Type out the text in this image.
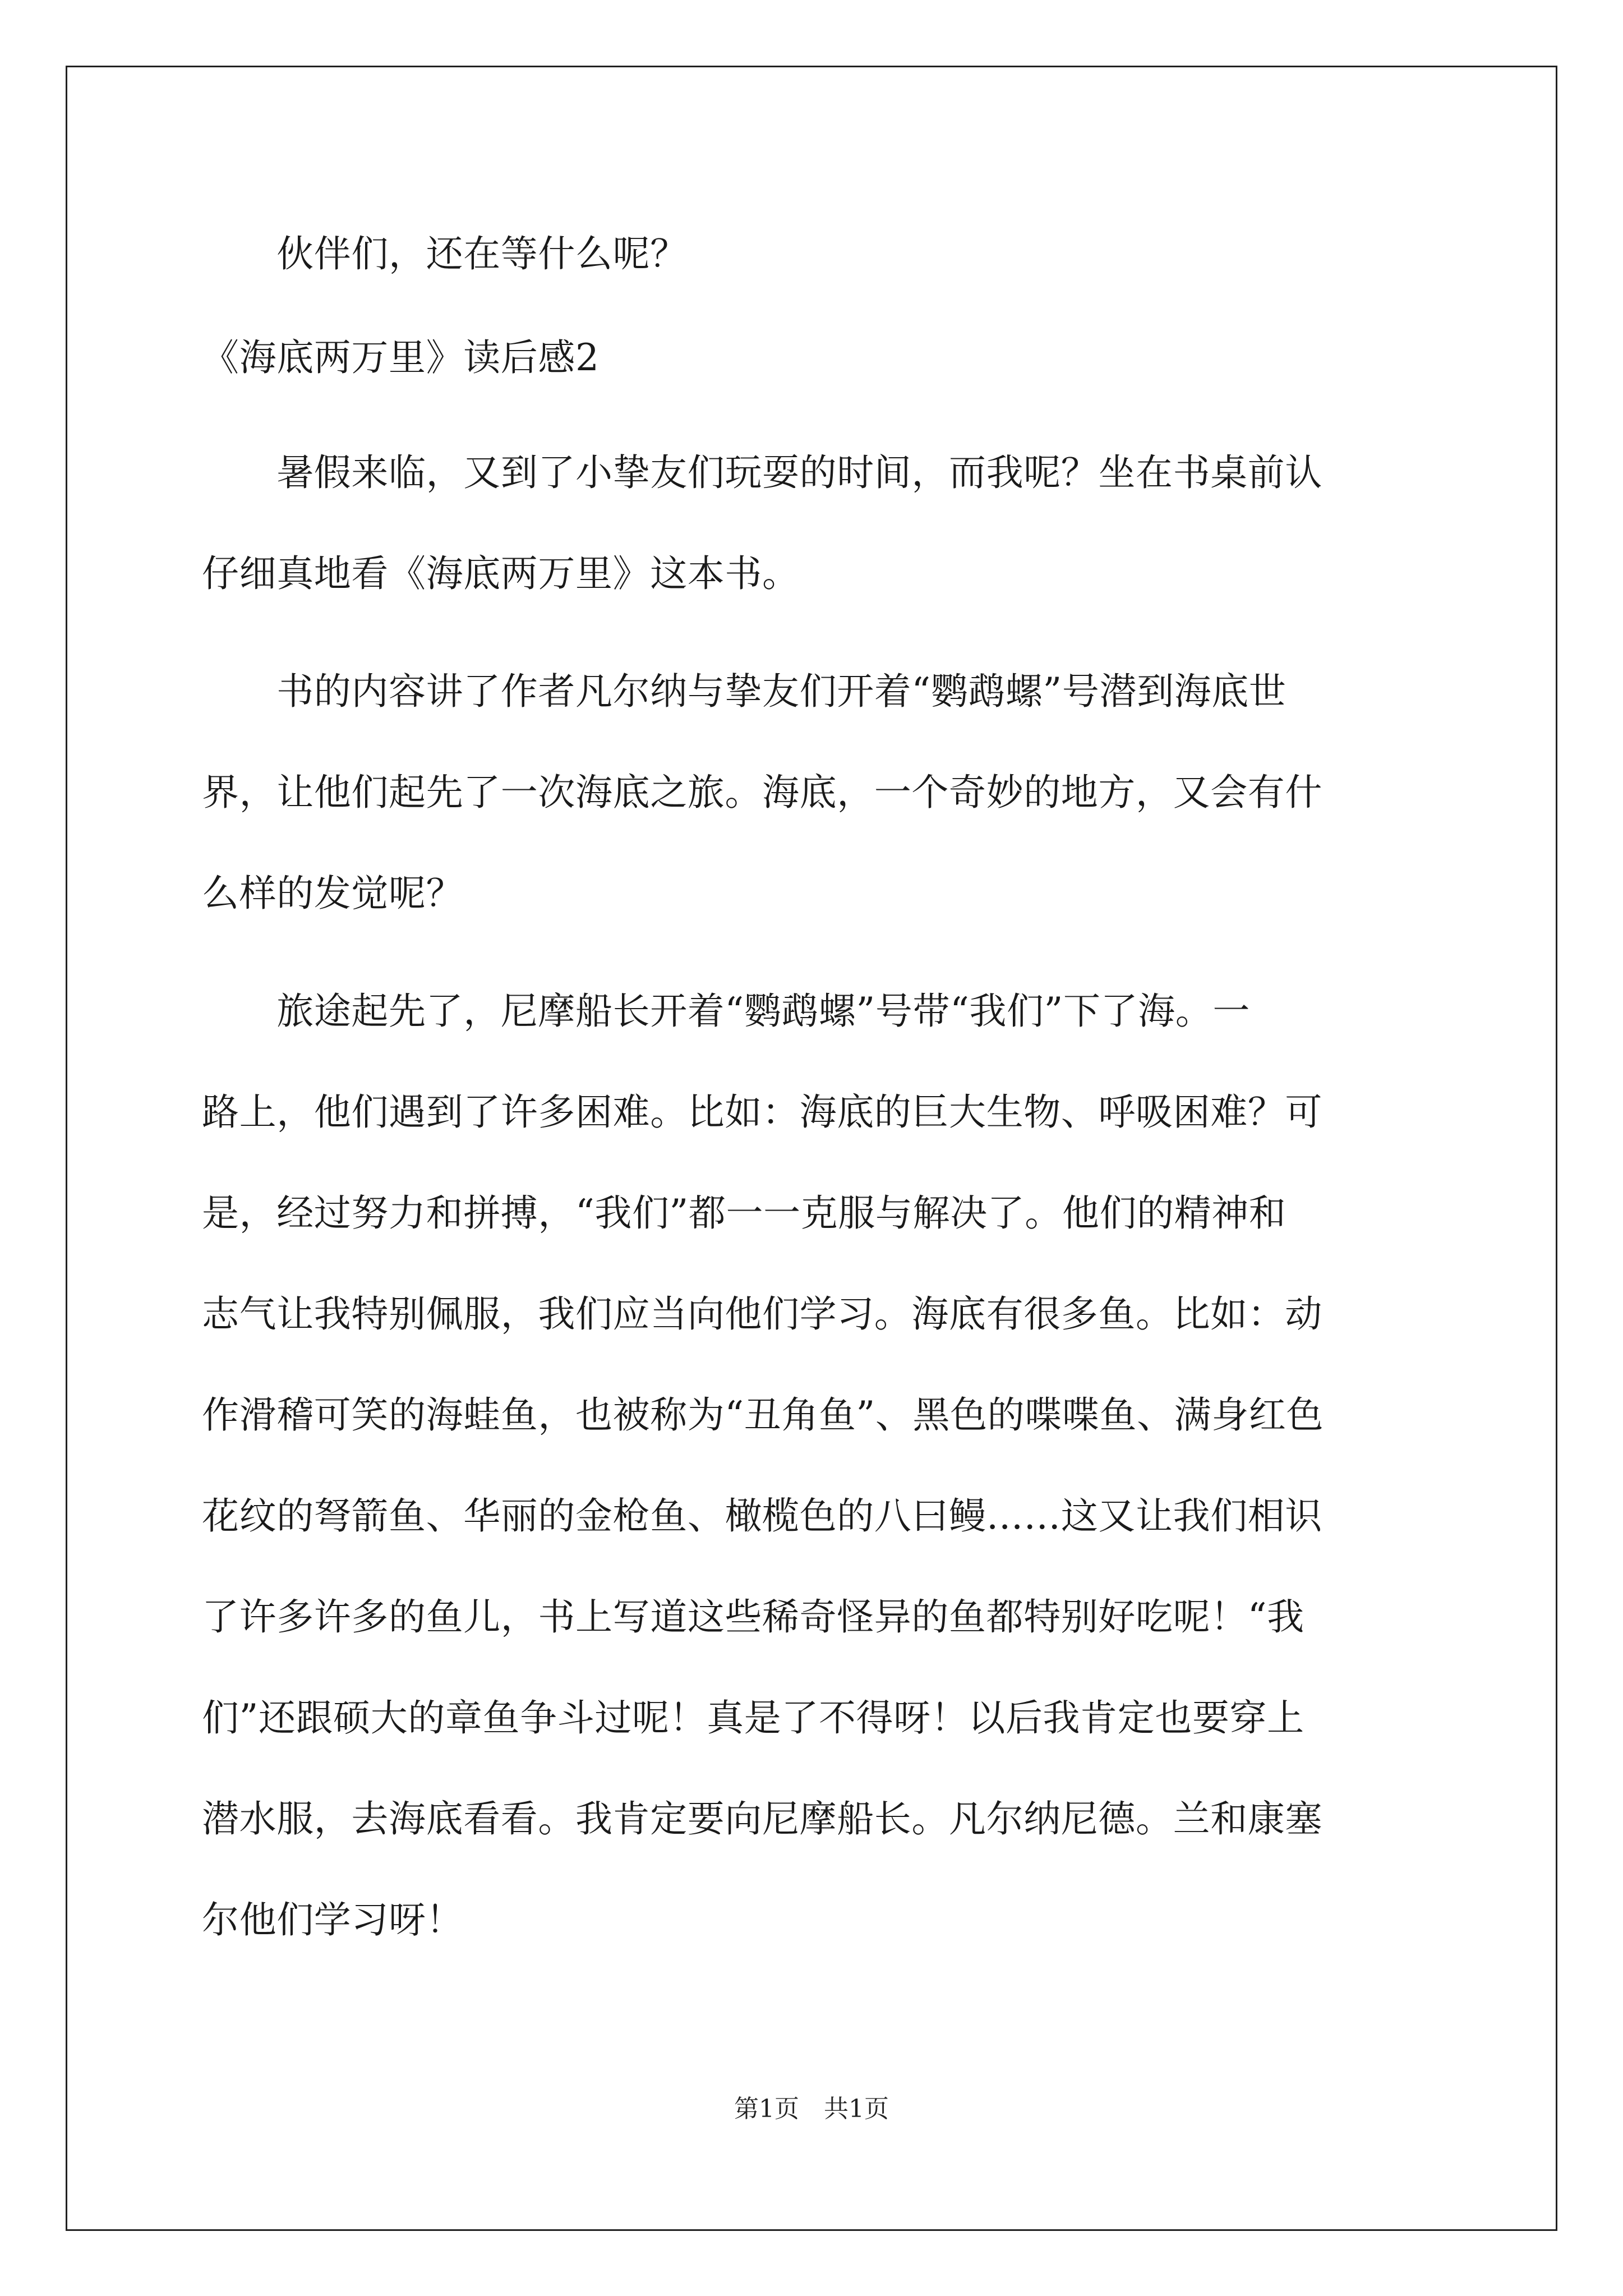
　　伙伴们，还在等什么呢？
《海底两万里》读后感2
　　暑假来临，又到了小挚友们玩耍的时间，而我呢？坐在书桌前认
仔细真地看《海底两万里》这本书。
　　书的内容讲了作者凡尔纳与挚友们开着“鹦鹉螺”号潜到海底世
界，让他们起先了一次海底之旅。海底，一个奇妙的地方，又会有什
么样的发觉呢？
　　旅途起先了，尼摩船长开着“鹦鹉螺”号带“我们”下了海。一
路上，他们遇到了许多困难。比如：海底的巨大生物、呼吸困难？可
是，经过努力和拼搏，“我们”都一一克服与解决了。他们的精神和
志气让我特别佩服，我们应当向他们学习。海底有很多鱼。比如：动
作滑稽可笑的海蛙鱼，也被称为“丑角鱼”、黑色的喋喋鱼、满身红色
花纹的弩箭鱼、华丽的金枪鱼、橄榄色的八曰鳗……这又让我们相识
了许多许多的鱼儿，书上写道这些稀奇怪异的鱼都特别好吃呢！“我
们”还跟硕大的章鱼争斗过呢！真是了不得呀！以后我肯定也要穿上
潜水服，去海底看看。我肯定要向尼摩船长。凡尔纳尼德。兰和康塞
尔他们学习呀！
第1页　共1页
